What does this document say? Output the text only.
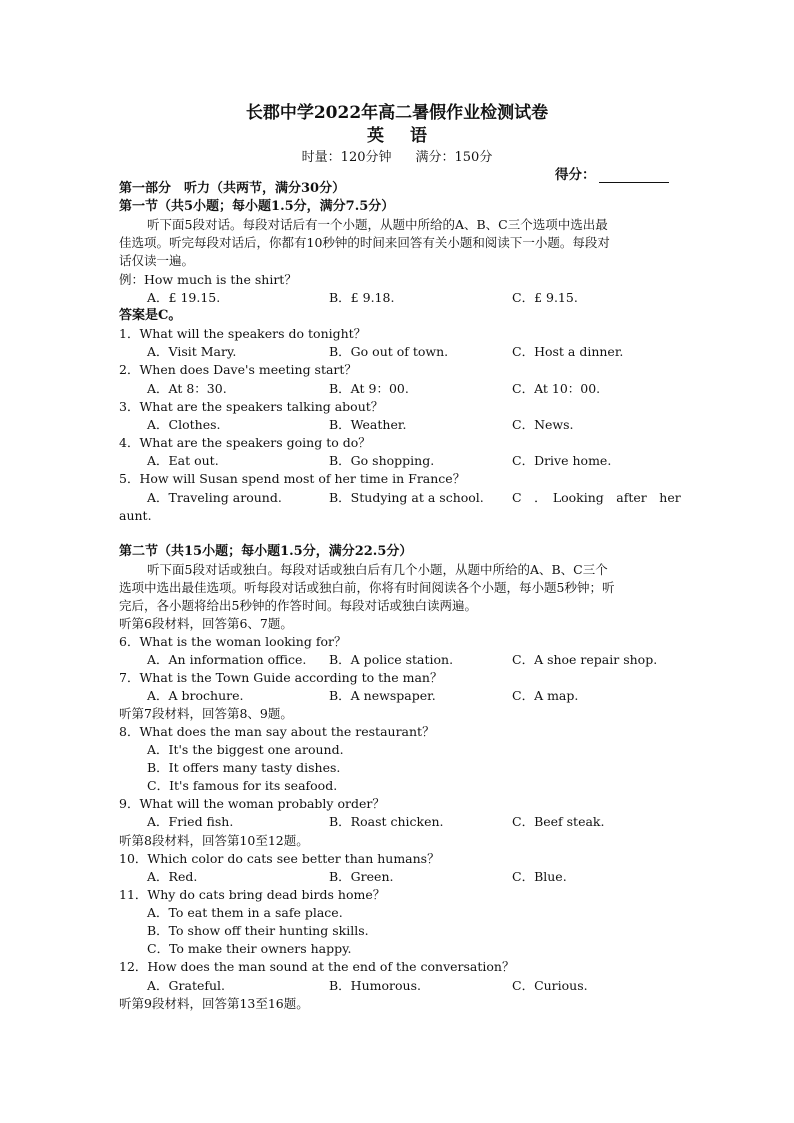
长郡中学2022年高二暑假作业检测试卷
英 语
时量：120分钟 满分：150分
得分：
第一部分　听力（共两节，满分30分）
第一节（共5小题；每小题1.5分，满分7.5分）
听下面5段对话。每段对话后有一个小题，从题中所给的A、B、C三个选项中选出最
佳选项。听完每段对话后，你都有10秒钟的时间来回答有关小题和阅读下一小题。每段对
话仅读一遍。
例：How much is the shirt？
A．£ 19.15.	B．£ 9.18.	C．£ 9.15.
答案是C。
1．What will the speakers do tonight？
A．Visit Mary.	B．Go out of town.	C．Host a dinner.
2．When does Dave's meeting start？
A．At 8：30.	B．At 9：00.	C．At 10：00.
3．What are the speakers talking about？
A．Clothes.	B．Weather.	C．News.
4．What are the speakers going to do？
A．Eat out.	B．Go shopping.	C．Drive home.
5．How will Susan spend most of her time in France？
A．Traveling around.	B．Studying at a school. C　．　Looking　after　her
aunt.
第二节（共15小题；每小题1.5分，满分22.5分）
听下面5段对话或独白。每段对话或独白后有几个小题，从题中所给的A、B、C三个
选项中选出最佳选项。听每段对话或独白前，你将有时间阅读各个小题，每小题5秒钟；听
完后，各小题将给出5秒钟的作答时间。每段对话或独白读两遍。
听第6段材料，回答第6、7题。
6．What is the woman looking for？
A．An information office. B．A police station.	C．A shoe repair shop.
7．What is the Town Guide according to the man？
A．A brochure.	B．A newspaper.	C．A map.
听第7段材料，回答第8、9题。
8．What does the man say about the restaurant？
A．It's the biggest one around.
B．It offers many tasty dishes.
C．It's famous for its seafood.
9．What will the woman probably order？
A．Fried fish.	B．Roast chicken.	C．Beef steak.
听第8段材料，回答第10至12题。
10．Which color do cats see better than humans？
A．Red.	B．Green.	C．Blue.
11．Why do cats bring dead birds home？
A．To eat them in a safe place.
B．To show off their hunting skills.
C．To make their owners happy.
12．How does the man sound at the end of the conversation？
A．Grateful.	B．Humorous.	C．Curious.
听第9段材料，回答第13至16题。
